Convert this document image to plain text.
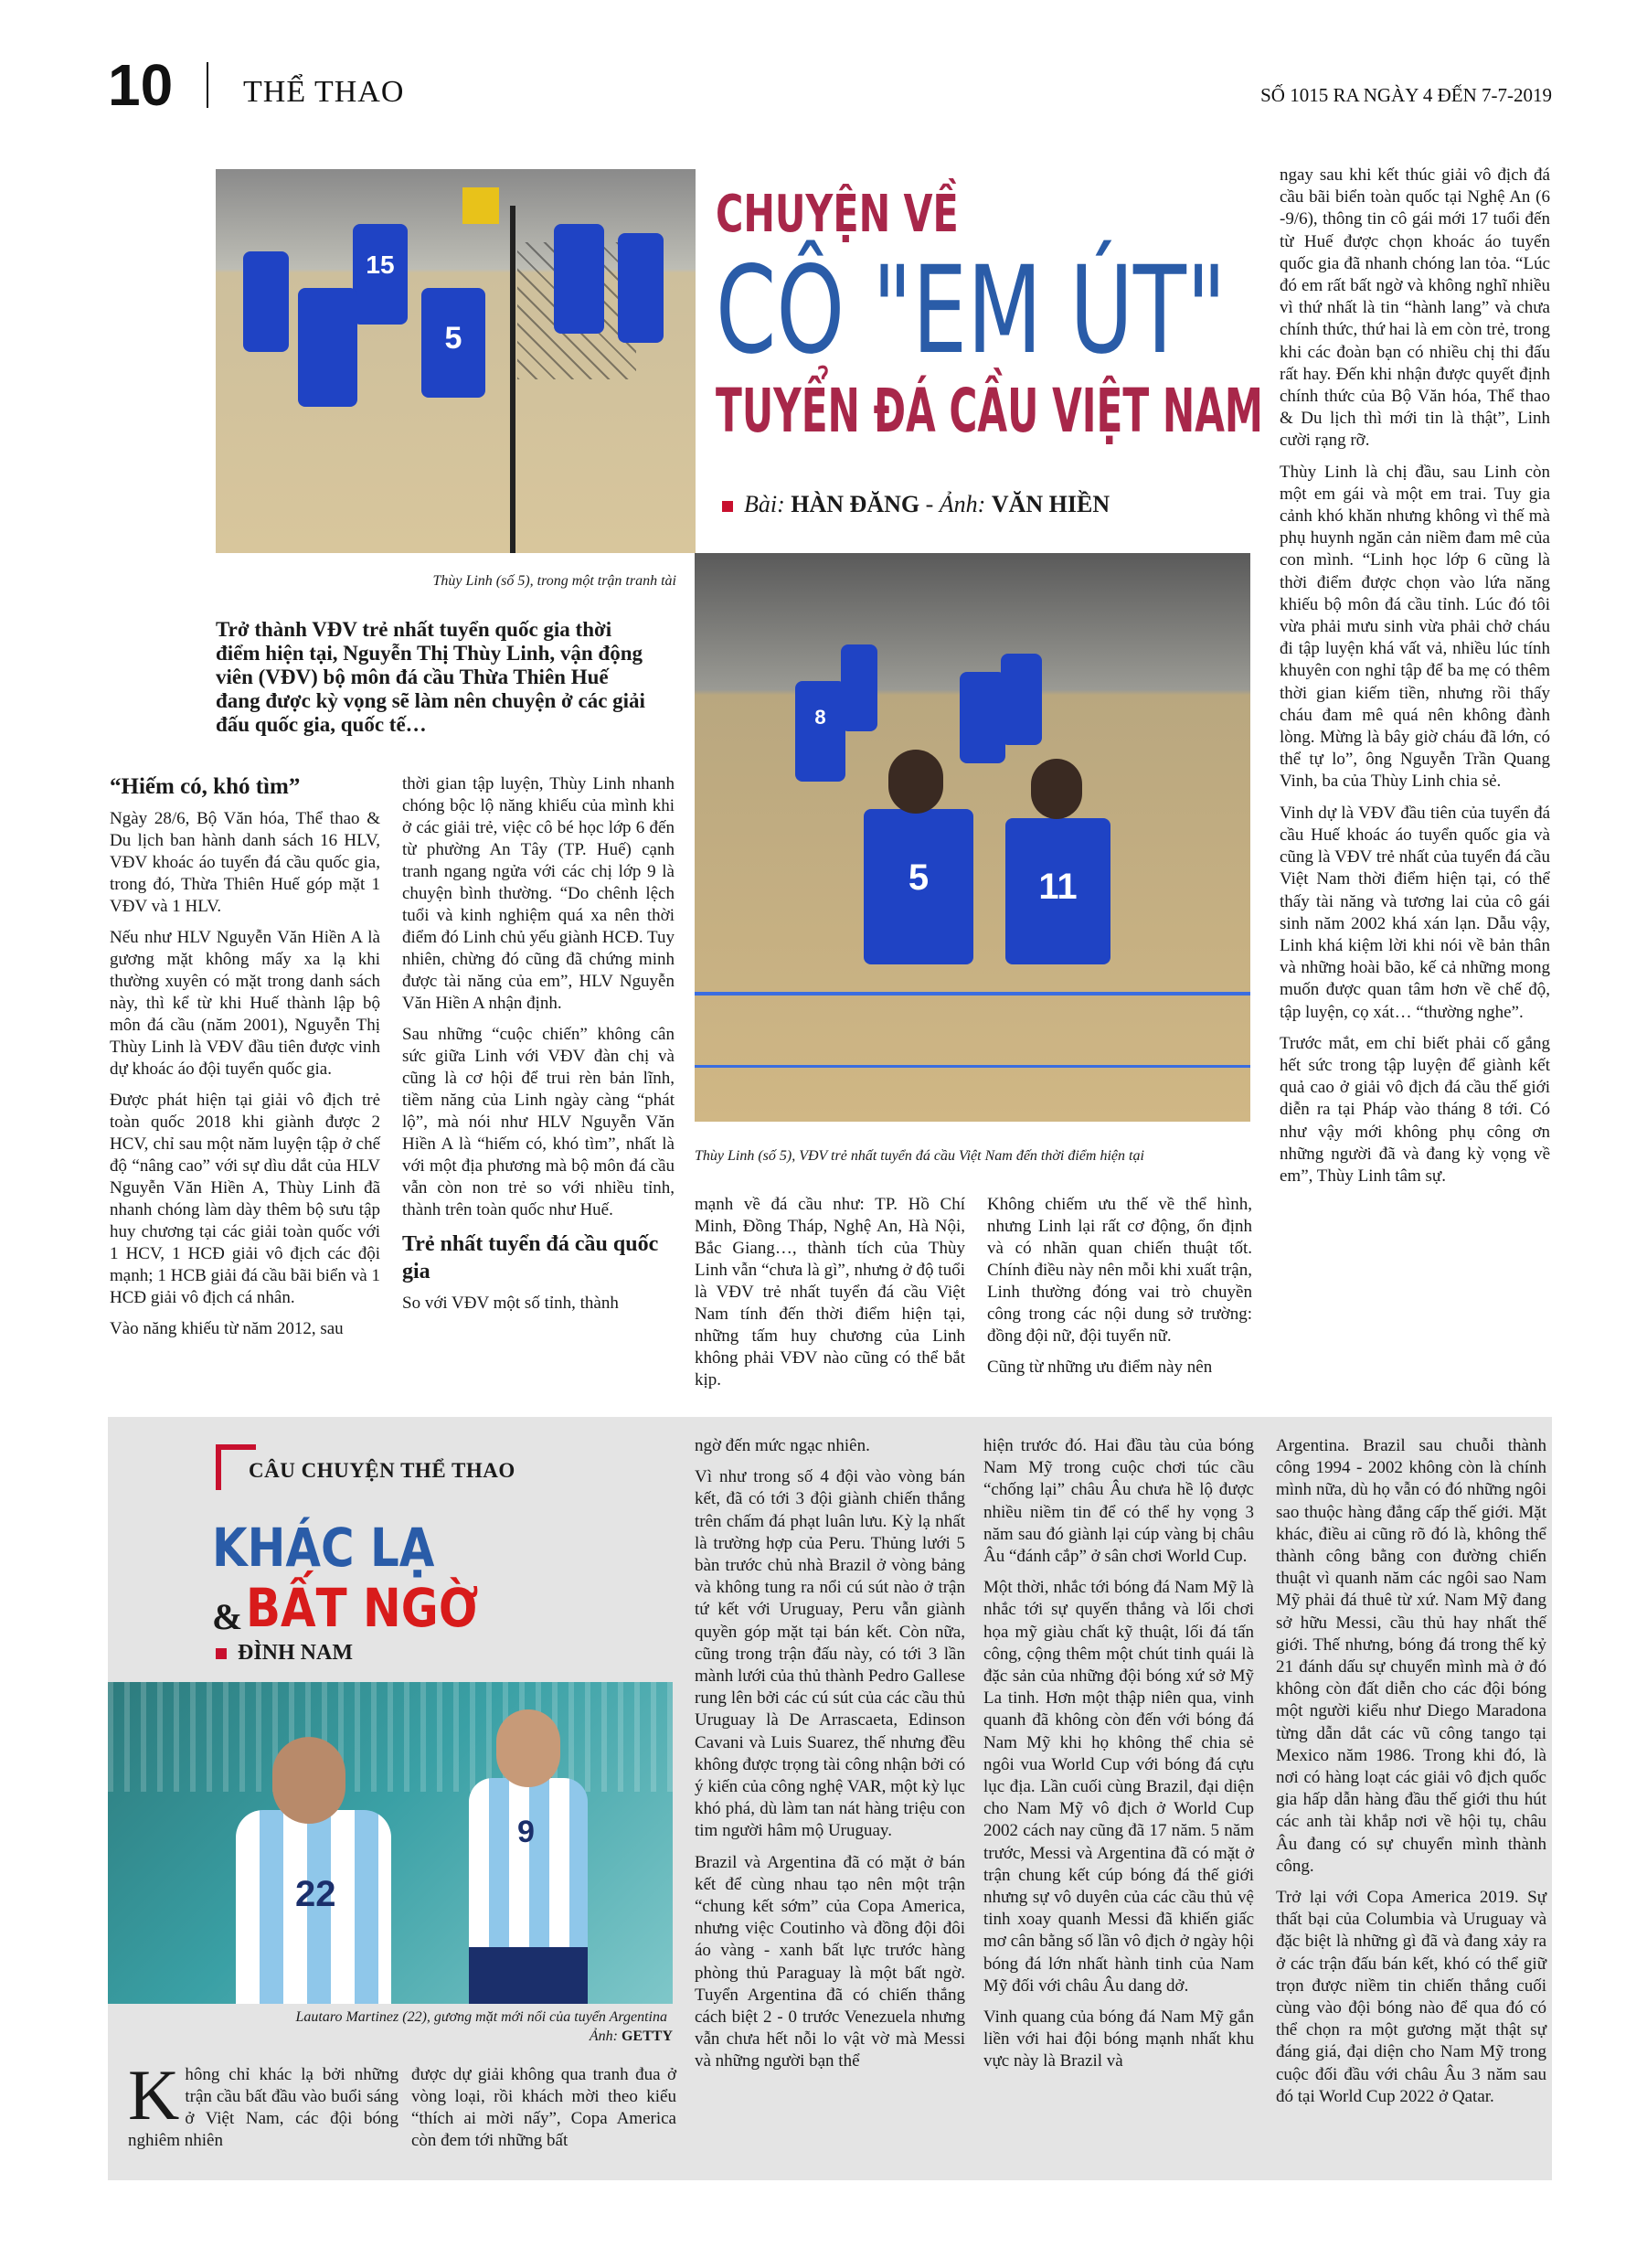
10 THỂ THAO	SỐ 1015 RA NGÀY 4 ĐẾN 7-7-2019
15
5
Thùy Linh (số 5), trong một trận tranh tài
CHUYỆN VỀ
CÔ "EM ÚT"
TUYỂN ĐÁ CẦU VIỆT NAM
Bài: HÀN ĐĂNG - Ảnh: VĂN HIỀN
5	11
8
Thùy Linh (số 5), VĐV trẻ nhất tuyển đá cầu Việt Nam đến thời điểm hiện tại
Trở thành VĐV trẻ nhất tuyển quốc gia thời điểm hiện tại, Nguyễn Thị Thùy Linh, vận động viên (VĐV) bộ môn đá cầu Thừa Thiên Huế đang được kỳ vọng sẽ làm nên chuyện ở các giải đấu quốc gia, quốc tế…
“Hiếm có, khó tìm”

Ngày 28/6, Bộ Văn hóa, Thể thao & Du lịch ban hành danh sách 16 HLV, VĐV khoác áo tuyển đá cầu quốc gia, trong đó, Thừa Thiên Huế góp mặt 1 VĐV và 1 HLV.

Nếu như HLV Nguyễn Văn Hiền A là gương mặt không mấy xa lạ khi thường xuyên có mặt trong danh sách này, thì kể từ khi Huế thành lập bộ môn đá cầu (năm 2001), Nguyễn Thị Thùy Linh là VĐV đầu tiên được vinh dự khoác áo đội tuyển quốc gia.

Được phát hiện tại giải vô địch trẻ toàn quốc 2018 khi giành được 2 HCV, chỉ sau một năm luyện tập ở chế độ “nâng cao” với sự dìu dắt của HLV Nguyễn Văn Hiền A, Thùy Linh đã nhanh chóng làm dày thêm bộ sưu tập huy chương tại các giải toàn quốc với 1 HCV, 1 HCĐ giải vô địch các đội mạnh; 1 HCB giải đá cầu bãi biển và 1 HCĐ giải vô địch cá nhân.

Vào năng khiếu từ năm 2012, sau

thời gian tập luyện, Thùy Linh nhanh chóng bộc lộ năng khiếu của mình khi ở các giải trẻ, việc cô bé học lớp 6 đến từ phường An Tây (TP. Huế) cạnh tranh ngang ngửa với các chị lớp 9 là chuyện bình thường. “Do chênh lệch tuổi và kinh nghiệm quá xa nên thời điểm đó Linh chủ yếu giành HCĐ. Tuy nhiên, chừng đó cũng đã chứng minh được tài năng của em”, HLV Nguyễn Văn Hiền A nhận định.

Sau những “cuộc chiến” không cân sức giữa Linh với VĐV đàn chị và cũng là cơ hội để trui rèn bản lĩnh, tiềm năng của Linh ngày càng “phát lộ”, mà nói như HLV Nguyễn Văn Hiền A là “hiếm có, khó tìm”, nhất là với một địa phương mà bộ môn đá cầu vẫn còn non trẻ so với nhiều tỉnh, thành trên toàn quốc như Huế.

Trẻ nhất tuyển đá cầu quốc gia

So với VĐV một số tỉnh, thành

mạnh về đá cầu như: TP. Hồ Chí Minh, Đồng Tháp, Nghệ An, Hà Nội, Bắc Giang…, thành tích của Thùy Linh vẫn “chưa là gì”, nhưng ở độ tuổi là VĐV trẻ nhất tuyển đá cầu Việt Nam tính đến thời điểm hiện tại, những tấm huy chương của Linh không phải VĐV nào cũng có thể bắt kịp.

Không chiếm ưu thế về thể hình, nhưng Linh lại rất cơ động, ổn định và có nhãn quan chiến thuật tốt. Chính điều này nên mỗi khi xuất trận, Linh thường đóng vai trò chuyền công trong các nội dung sở trường: đồng đội nữ, đội tuyển nữ.

Cũng từ những ưu điểm này nên

ngay sau khi kết thúc giải vô địch đá cầu bãi biển toàn quốc tại Nghệ An (6 -9/6), thông tin cô gái mới 17 tuổi đến từ Huế được chọn khoác áo tuyển quốc gia đã nhanh chóng lan tỏa. “Lúc đó em rất bất ngờ và không nghĩ nhiều vì thứ nhất là tin “hành lang” và chưa chính thức, thứ hai là em còn trẻ, trong khi các đoàn bạn có nhiều chị thi đấu rất hay. Đến khi nhận được quyết định chính thức của Bộ Văn hóa, Thể thao & Du lịch thì mới tin là thật”, Linh cười rạng rỡ.

Thùy Linh là chị đầu, sau Linh còn một em gái và một em trai. Tuy gia cảnh khó khăn nhưng không vì thế mà phụ huynh ngăn cản niềm đam mê của con mình. “Linh học lớp 6 cũng là thời điểm được chọn vào lứa năng khiếu bộ môn đá cầu tỉnh. Lúc đó tôi vừa phải mưu sinh vừa phải chở cháu đi tập luyện khá vất vả, nhiều lúc tính khuyên con nghỉ tập để ba mẹ có thêm thời gian kiếm tiền, nhưng rồi thấy cháu đam mê quá nên không đành lòng. Mừng là bây giờ cháu đã lớn, có thể tự lo”, ông Nguyễn Trần Quang Vinh, ba của Thùy Linh chia sẻ.

Vinh dự là VĐV đầu tiên của tuyển đá cầu Huế khoác áo tuyển quốc gia và cũng là VĐV trẻ nhất của tuyển đá cầu Việt Nam thời điểm hiện tại, có thể thấy tài năng và tương lai của cô gái sinh năm 2002 khá xán lạn. Dẫu vậy, Linh khá kiệm lời khi nói về bản thân và những hoài bão, kế cả những mong muốn được quan tâm hơn về chế độ, tập luyện, cọ xát… “thường nghe”.

Trước mắt, em chỉ biết phải cố gắng hết sức trong tập luyện để giành kết quả cao ở giải vô địch đá cầu thế giới diễn ra tại Pháp vào tháng 8 tới. Có như vậy mới không phụ công ơn những người đã và đang kỳ vọng về em”, Thùy Linh tâm sự.

CÂU CHUYỆN THỂ THAO
KHÁC LẠ
& BẤT NGỜ
ĐÌNH NAM
22
9
Lautaro Martinez (22), gương mặt mới nổi của tuyển Argentina
Ảnh: GETTY
K hông chỉ khác lạ bởi những trận cầu bất đầu vào buổi sáng ở Việt Nam, các đội bóng nghiêm nhiên

được dự giải không qua tranh đua ở vòng loại, rồi khách mời theo kiểu “thích ai mời nấy”, Copa America còn đem tới những bất

ngờ đến mức ngạc nhiên.

Vì như trong số 4 đội vào vòng bán kết, đã có tới 3 đội giành chiến thắng trên chấm đá phạt luân lưu. Kỳ lạ nhất là trường hợp của Peru. Thủng lưới 5 bàn trước chủ nhà Brazil ở vòng bảng và không tung ra nổi cú sút nào ở trận tứ kết với Uruguay, Peru vẫn giành quyền góp mặt tại bán kết. Còn nữa, cũng trong trận đấu này, có tới 3 lần mành lưới của thủ thành Pedro Gallese rung lên bởi các cú sút của các cầu thủ Uruguay là De Arrascaeta, Edinson Cavani và Luis Suarez, thế nhưng đều không được trọng tài công nhận bởi có ý kiến của công nghệ VAR, một kỳ lục khó phá, dù làm tan nát hàng triệu con tim người hâm mộ Uruguay.

Brazil và Argentina đã có mặt ở bán kết để cùng nhau tạo nên một trận “chung kết sớm” của Copa America, nhưng việc Coutinho và đồng đội đôi áo vàng - xanh bất lực trước hàng phòng thủ Paraguay là một bất ngờ. Tuyển Argentina đã có chiến thắng cách biệt 2 - 0 trước Venezuela nhưng vẫn chưa hết nỗi lo vật vờ mà Messi và những người bạn thể

hiện trước đó. Hai đầu tàu của bóng Nam Mỹ trong cuộc chơi túc cầu “chống lại” châu Âu chưa hề lộ được nhiều niềm tin để có thể hy vọng 3 năm sau đó giành lại cúp vàng bị châu Âu “đánh cắp” ở sân chơi World Cup.

Một thời, nhắc tới bóng đá Nam Mỹ là nhắc tới sự quyến thắng và lối chơi họa mỹ giàu chất kỹ thuật, lối đá tấn công, cộng thêm một chút tinh quái là đặc sản của những đội bóng xứ sở Mỹ La tinh. Hơn một thập niên qua, vinh quanh đã không còn đến với bóng đá Nam Mỹ khi họ không thể chia sẻ ngôi vua World Cup với bóng đá cựu lục địa. Lần cuối cùng Brazil, đại diện cho Nam Mỹ vô địch ở World Cup 2002 cách nay cũng đã 17 năm. 5 năm trước, Messi và Argentina đã có mặt ở trận chung kết cúp bóng đá thế giới nhưng sự vô duyên của các cầu thủ vệ tinh xoay quanh Messi đã khiến giấc mơ cân bằng số lần vô địch ở ngày hội bóng đá lớn nhất hành tinh của Nam Mỹ đối với châu Âu dang dở.

Vinh quang của bóng đá Nam Mỹ gắn liền với hai đội bóng mạnh nhất khu vực này là Brazil và

Argentina. Brazil sau chuỗi thành công 1994 - 2002 không còn là chính mình nữa, dù họ vẫn có đó những ngôi sao thuộc hàng đẳng cấp thế giới. Mặt khác, điều ai cũng rõ đó là, không thể thành công bằng con đường chiến thuật vì quanh năm các ngôi sao Nam Mỹ phải đá thuê từ xứ. Nam Mỹ đang sở hữu Messi, cầu thủ hay nhất thế giới. Thế nhưng, bóng đá trong thế kỷ 21 đánh dấu sự chuyển mình mà ở đó không còn đất diễn cho các đội bóng một người kiểu như Diego Maradona từng dẫn dắt các vũ công tango tại Mexico năm 1986. Trong khi đó, là nơi có hàng loạt các giải vô địch quốc gia hấp dẫn hàng đầu thế giới thu hút các anh tài khắp nơi về hội tụ, châu Âu đang có sự chuyển mình thành công.

Trở lại với Copa America 2019. Sự thất bại của Columbia và Uruguay và đặc biệt là những gì đã và đang xảy ra ở các trận đấu bán kết, khó có thể giữ trọn được niềm tin chiến thắng cuối cùng vào đội bóng nào để qua đó có thể chọn ra một gương mặt thật sự đáng giá, đại diện cho Nam Mỹ trong cuộc đối đầu với châu Âu 3 năm sau đó tại World Cup 2022 ở Qatar.
